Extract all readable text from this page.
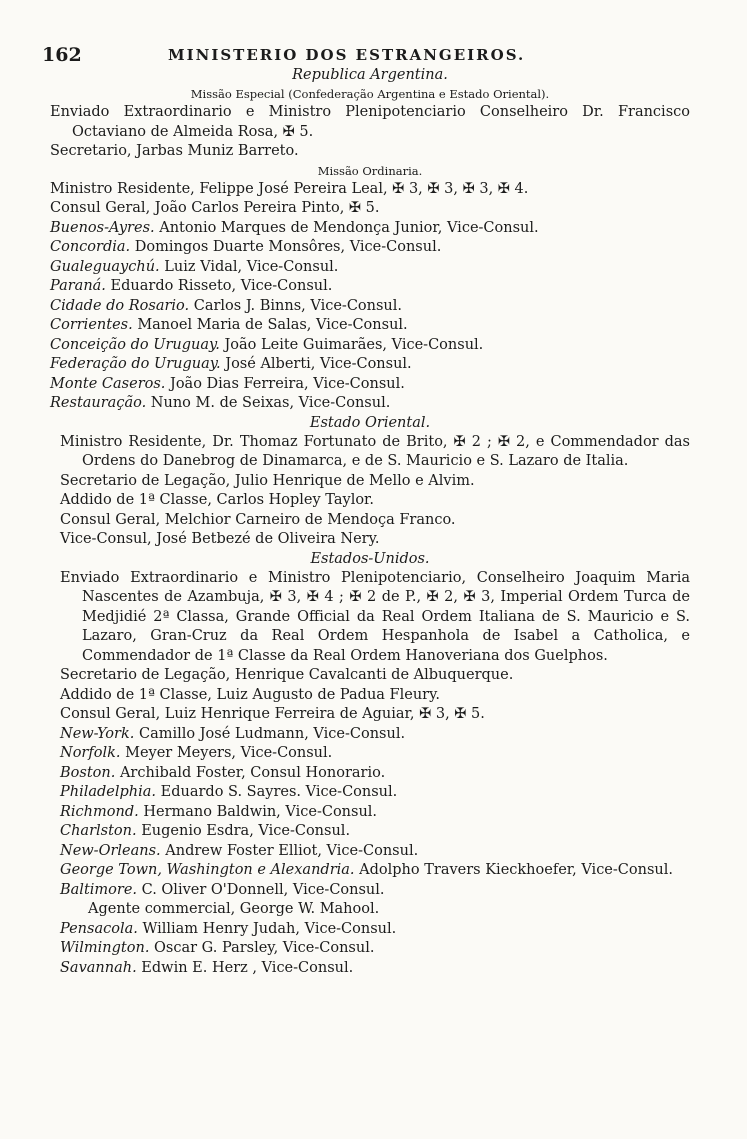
162	MINISTERIO DOS ESTRANGEIROS.
Republica Argentina.
Missão Especial (Confederação Argentina e Estado Oriental).
Enviado Extraordinario e Ministro Plenipotenciario Conselheiro Dr. Francisco Octaviano de Almeida Rosa, ✠ 5.
Secretario, Jarbas Muniz Barreto.
Missão Ordinaria.
Ministro Residente, Felippe José Pereira Leal, ✠ 3, ✠ 3, ✠ 3, ✠ 4.
Consul Geral, João Carlos Pereira Pinto, ✠ 5.
Buenos-Ayres. Antonio Marques de Mendonça Junior, Vice-Consul.
Concordia. Domingos Duarte Monsôres, Vice-Consul.
Gualeguaychú. Luiz Vidal, Vice-Consul.
Paraná. Eduardo Risseto, Vice-Consul.
Cidade do Rosario. Carlos J. Binns, Vice-Consul.
Corrientes. Manoel Maria de Salas, Vice-Consul.
Conceição do Uruguay. João Leite Guimarães, Vice-Consul.
Federação do Uruguay. José Alberti, Vice-Consul.
Monte Caseros. João Dias Ferreira, Vice-Consul.
Restauração. Nuno M. de Seixas, Vice-Consul.
Estado Oriental.
Ministro Residente, Dr. Thomaz Fortunato de Brito, ✠ 2 ; ✠ 2, e Commendador das Ordens do Danebrog de Dinamarca, e de S. Mauricio e S. Lazaro de Italia.
Secretario de Legação, Julio Henrique de Mello e Alvim.
Addido de 1ª Classe, Carlos Hopley Taylor.
Consul Geral, Melchior Carneiro de Mendoça Franco.
Vice-Consul, José Betbezé de Oliveira Nery.
Estados-Unidos.
Enviado Extraordinario e Ministro Plenipotenciario, Conselheiro Joaquim Maria Nascentes de Azambuja, ✠ 3, ✠ 4 ; ✠ 2 de P., ✠ 2, ✠ 3, Imperial Ordem Turca de Medjidié 2ª Classa, Grande Official da Real Ordem Italiana de S. Mauricio e S. Lazaro, Gran-Cruz da Real Ordem Hespanhola de Isabel a Catholica, e Commendador de 1ª Classe da Real Ordem Hanoveriana dos Guelphos.
Secretario de Legação, Henrique Cavalcanti de Albuquerque.
Addido de 1ª Classe, Luiz Augusto de Padua Fleury.
Consul Geral, Luiz Henrique Ferreira de Aguiar, ✠ 3, ✠ 5.
New-York. Camillo José Ludmann, Vice-Consul.
Norfolk. Meyer Meyers, Vice-Consul.
Boston. Archibald Foster, Consul Honorario.
Philadelphia. Eduardo S. Sayres. Vice-Consul.
Richmond. Hermano Baldwin, Vice-Consul.
Charlston. Eugenio Esdra, Vice-Consul.
New-Orleans. Andrew Foster Elliot, Vice-Consul.
George Town, Washington e Alexandria. Adolpho Travers Kieckhoefer, Vice-Consul.
Baltimore. C. Oliver O'Donnell, Vice-Consul.
Agente commercial, George W. Mahool.
Pensacola. William Henry Judah, Vice-Consul.
Wilmington. Oscar G. Parsley, Vice-Consul.
Savannah. Edwin E. Herz , Vice-Consul.
